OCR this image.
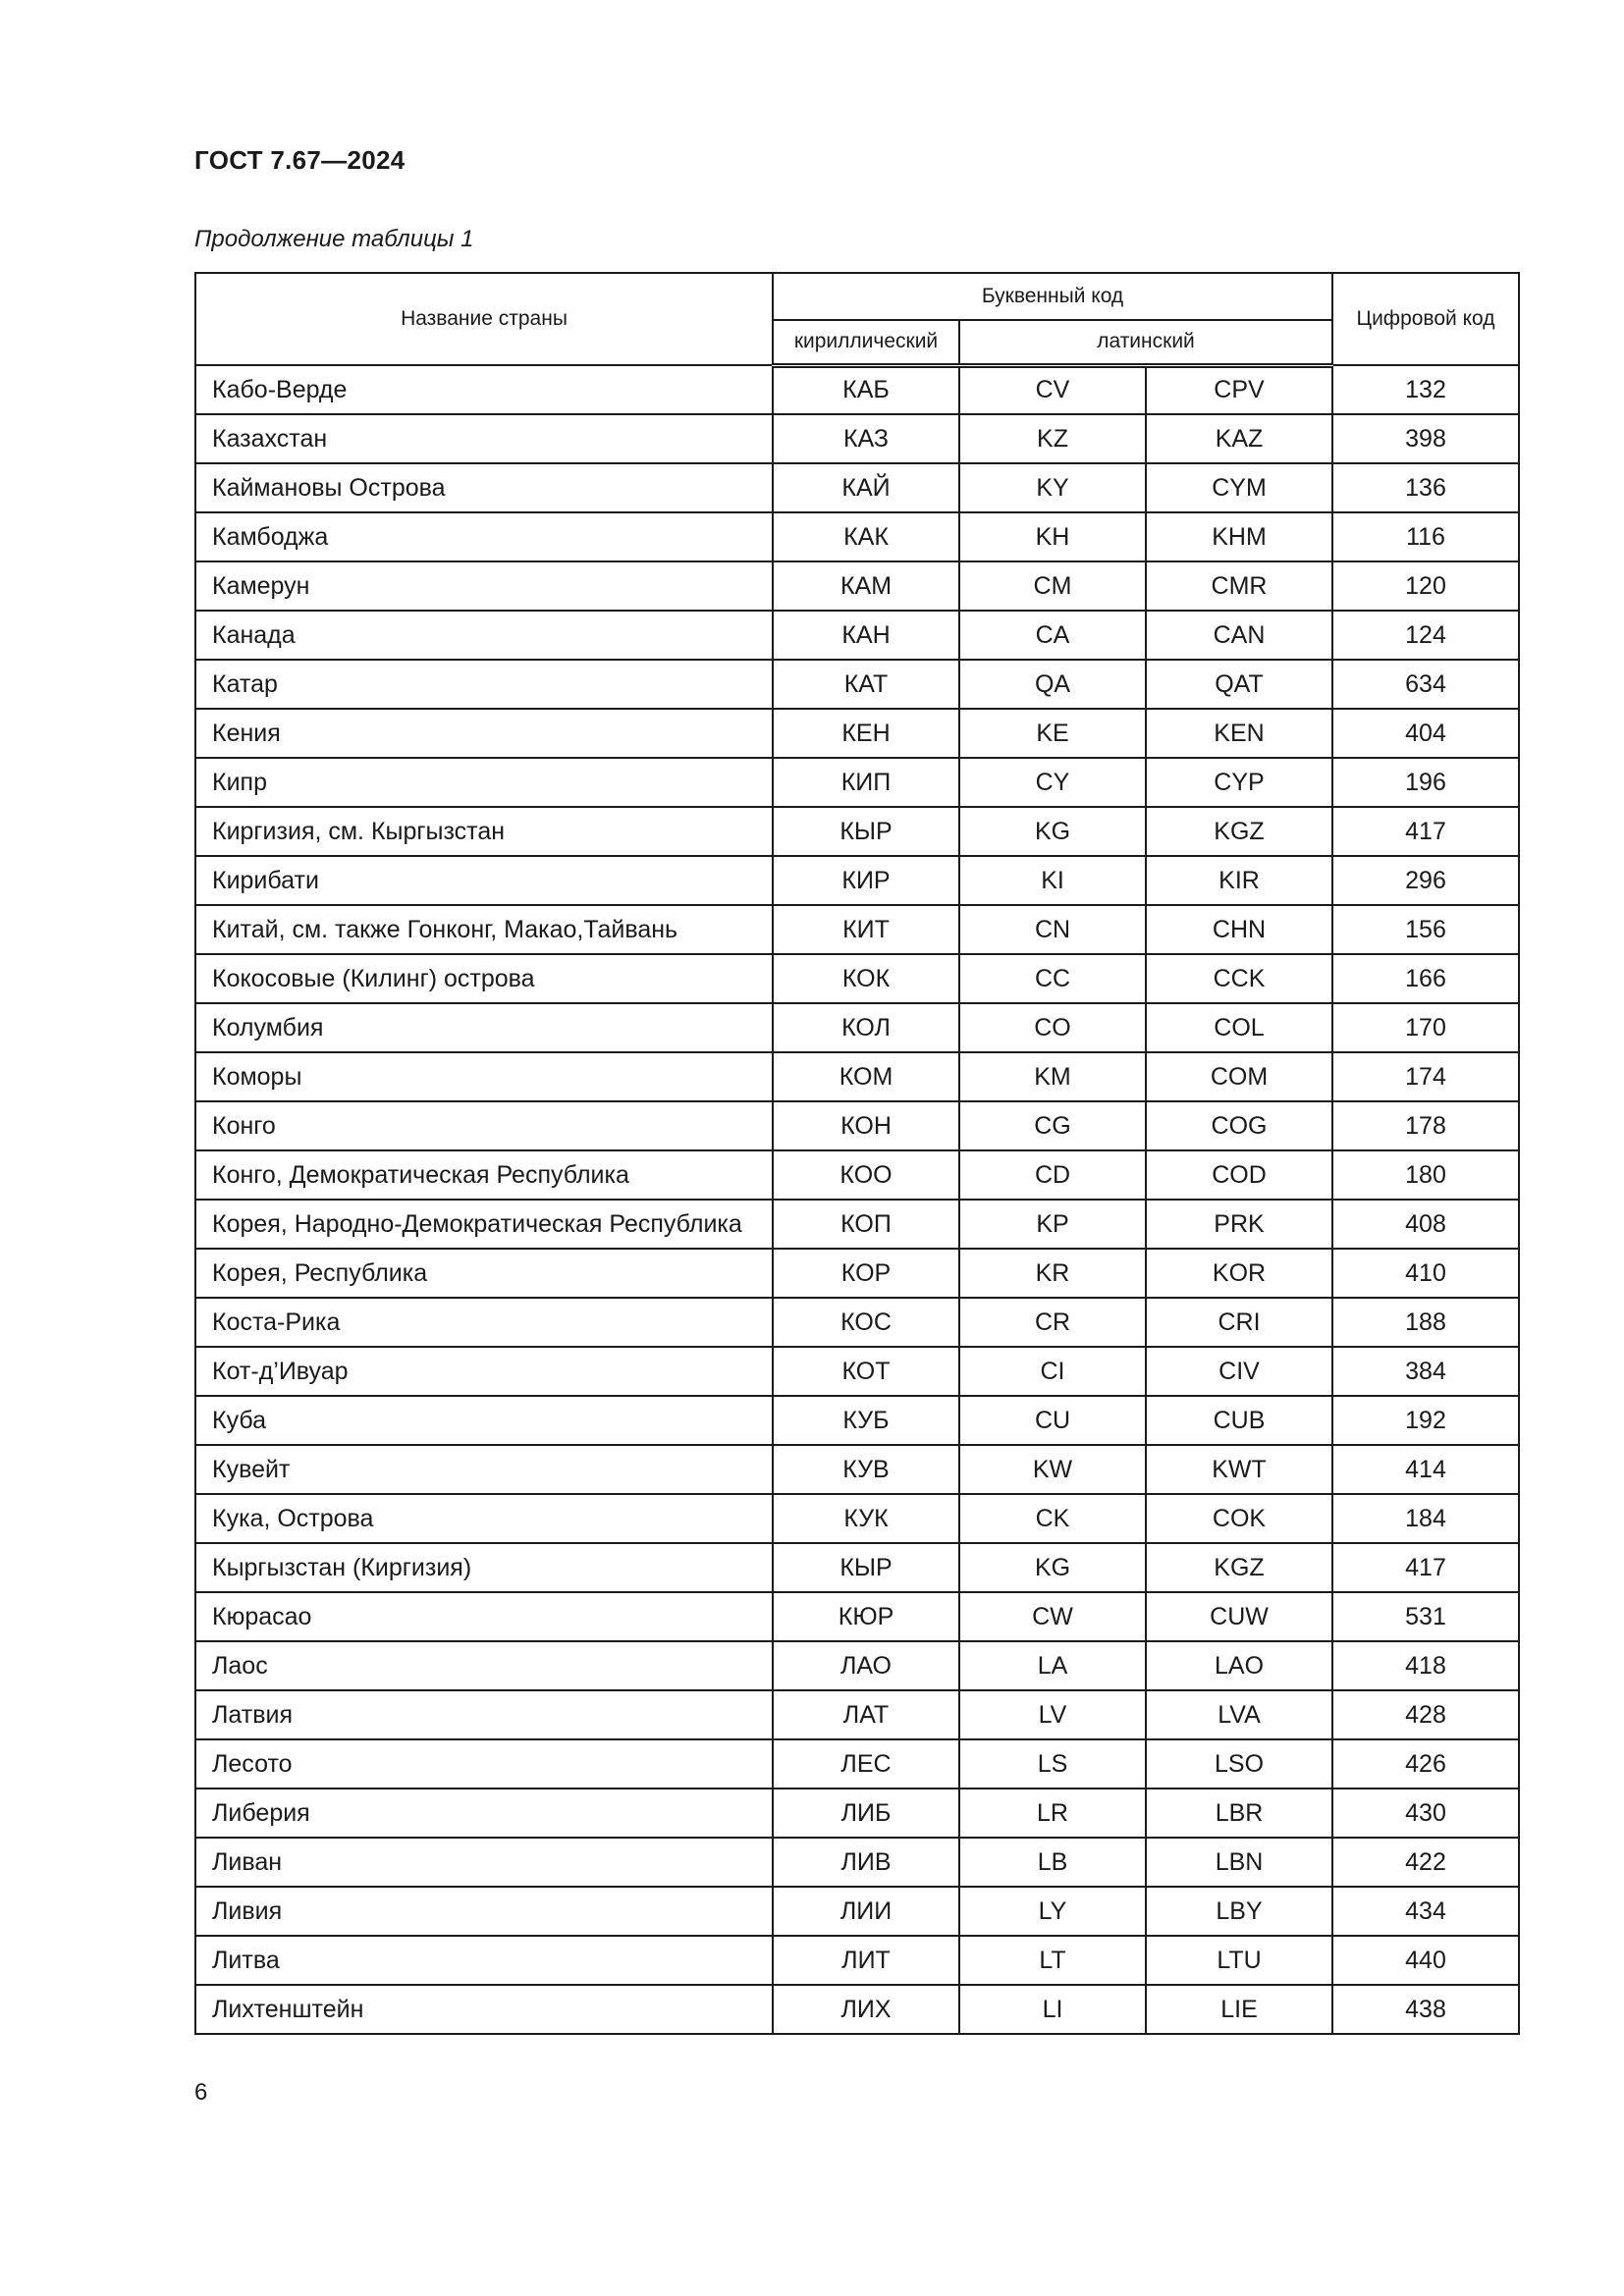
ГОСТ 7.67—2024
Продолжение таблицы 1
Название страны	Буквенный код			Цифровой код
	кириллический	латинский		
Кабо-Верде	КАБ	CV	CPV	132
Казахстан	КАЗ	KZ	KAZ	398
Каймановы Острова	КАЙ	KY	CYM	136
Камбоджа	КАК	KH	KHM	116
Камерун	КАМ	CM	CMR	120
Канада	КАН	CA	CAN	124
Катар	КАТ	QA	QAT	634
Кения	КЕН	KE	KEN	404
Кипр	КИП	CY	CYP	196
Киргизия, см. Кыргызстан	КЫР	KG	KGZ	417
Кирибати	КИР	KI	KIR	296
Китай, см. также Гонконг, Макао,Тайвань	КИТ	CN	CHN	156
Кокосовые (Килинг) острова	КОК	CC	CCK	166
Колумбия	КОЛ	CO	COL	170
Коморы	КОМ	KM	COM	174
Конго	КОН	CG	COG	178
Конго, Демократическая Республика	КОО	CD	COD	180
Корея, Народно-Демократическая Республика	КОП	KP	PRK	408
Корея, Республика	КОР	KR	KOR	410
Коста-Рика	КОС	CR	CRI	188
Кот-д’Ивуар	КОТ	CI	CIV	384
Куба	КУБ	CU	CUB	192
Кувейт	КУВ	KW	KWT	414
Кука, Острова	КУК	CK	COK	184
Кыргызстан (Киргизия)	КЫР	KG	KGZ	417
Кюрасао	КЮР	CW	CUW	531
Лаос	ЛАО	LA	LAO	418
Латвия	ЛАТ	LV	LVA	428
Лесото	ЛЕС	LS	LSO	426
Либерия	ЛИБ	LR	LBR	430
Ливан	ЛИВ	LB	LBN	422
Ливия	ЛИИ	LY	LBY	434
Литва	ЛИТ	LT	LTU	440
Лихтенштейн	ЛИХ	LI	LIE	438
6
